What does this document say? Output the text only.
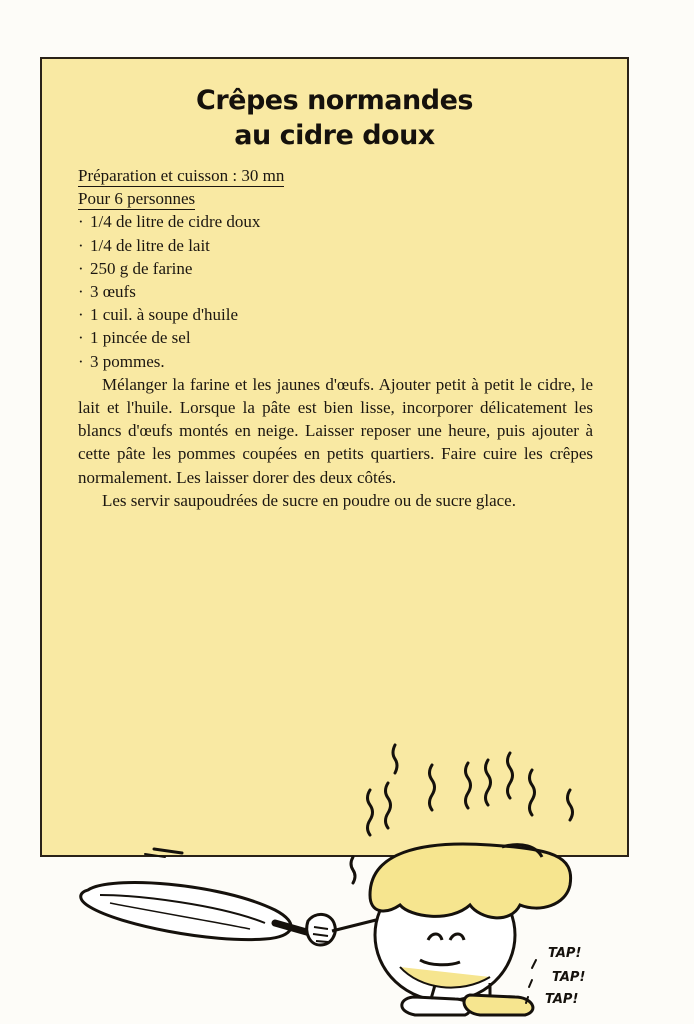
Crêpes normandes
au cidre doux
Préparation et cuisson : 30 mn
Pour 6 personnes
· 1/4 de litre de cidre doux
· 1/4 de litre de lait
· 250 g de farine
· 3 œufs
· 1 cuil. à soupe d'huile
· 1 pincée de sel
· 3 pommes.

Mélanger la farine et les jaunes d'œufs. Ajouter petit à petit le cidre, le lait et l'huile. Lorsque la pâte est bien lisse, incorporer délicatement les blancs d'œufs montés en neige. Laisser reposer une heure, puis ajouter à cette pâte les pommes coupées en petits quartiers. Faire cuire les crêpes normalement. Les laisser dorer des deux côtés.

Les servir saupoudrées de sucre en poudre ou de sucre glace.

TAP!
TAP!
TAP!
